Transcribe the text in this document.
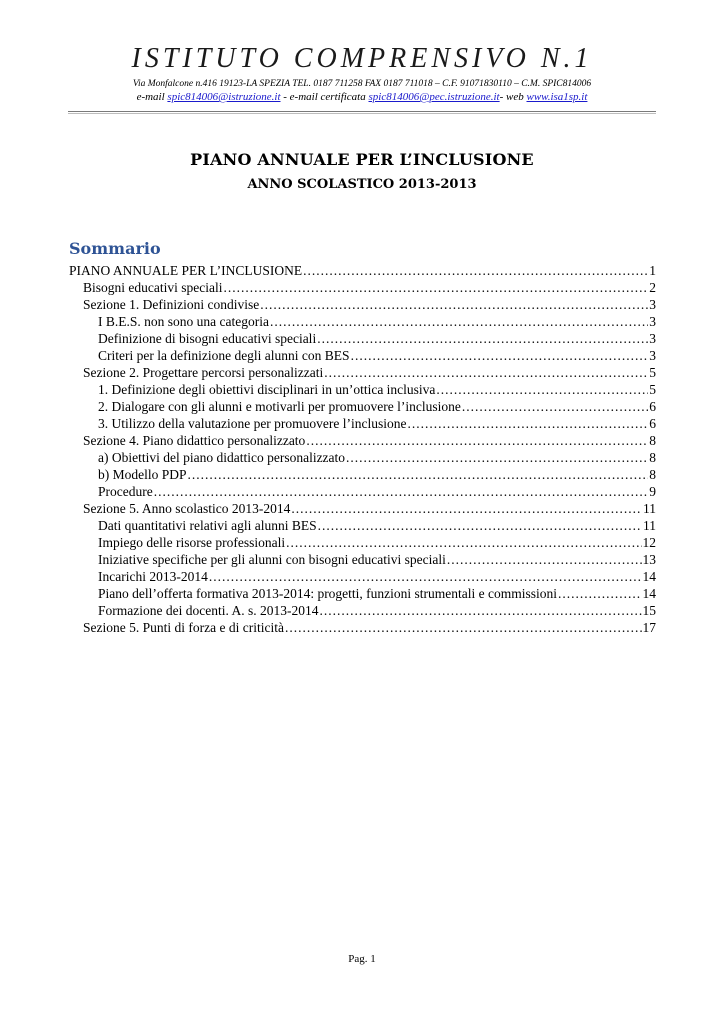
ISTITUTO COMPRENSIVO N.1
Via Monfalcone n.416 19123-LA SPEZIA TEL. 0187 711258 FAX 0187 711018 – C.F. 91071830110 – C.M. SPIC814006
e-mail spic814006@istruzione.it - e-mail certificata spic814006@pec.istruzione.it- web www.isa1sp.it
PIANO ANNUALE PER L’INCLUSIONE
ANNO SCOLASTICO 2013-2013
Sommario
PIANO ANNUALE PER L’INCLUSIONE .....	1
Bisogni educativi speciali .....	2
Sezione 1. Definizioni condivise .....	3
I B.E.S. non sono una categoria .....	3
Definizione di bisogni educativi speciali .....	3
Criteri per la definizione degli alunni con BES .....	3
Sezione 2. Progettare percorsi personalizzati .....	5
1. Definizione degli obiettivi disciplinari in un’ottica inclusiva .....	5
2. Dialogare con gli alunni e motivarli per promuovere l’inclusione .....	6
3. Utilizzo della valutazione per promuovere l’inclusione .....	6
Sezione 4. Piano didattico personalizzato .....	8
a) Obiettivi del piano didattico personalizzato .....	8
b) Modello PDP .....	8
Procedure .....	9
Sezione 5. Anno scolastico 2013-2014 .....	11
Dati quantitativi relativi agli alunni BES .....	11
Impiego delle risorse professionali .....	12
Iniziative specifiche per gli alunni con bisogni educativi speciali .....	13
Incarichi 2013-2014 .....	14
Piano dell’offerta formativa 2013-2014: progetti, funzioni strumentali e commissioni .....	14
Formazione dei docenti. A. s. 2013-2014 .....	15
Sezione 5. Punti di forza e di criticità .....	17
Pag. 1
